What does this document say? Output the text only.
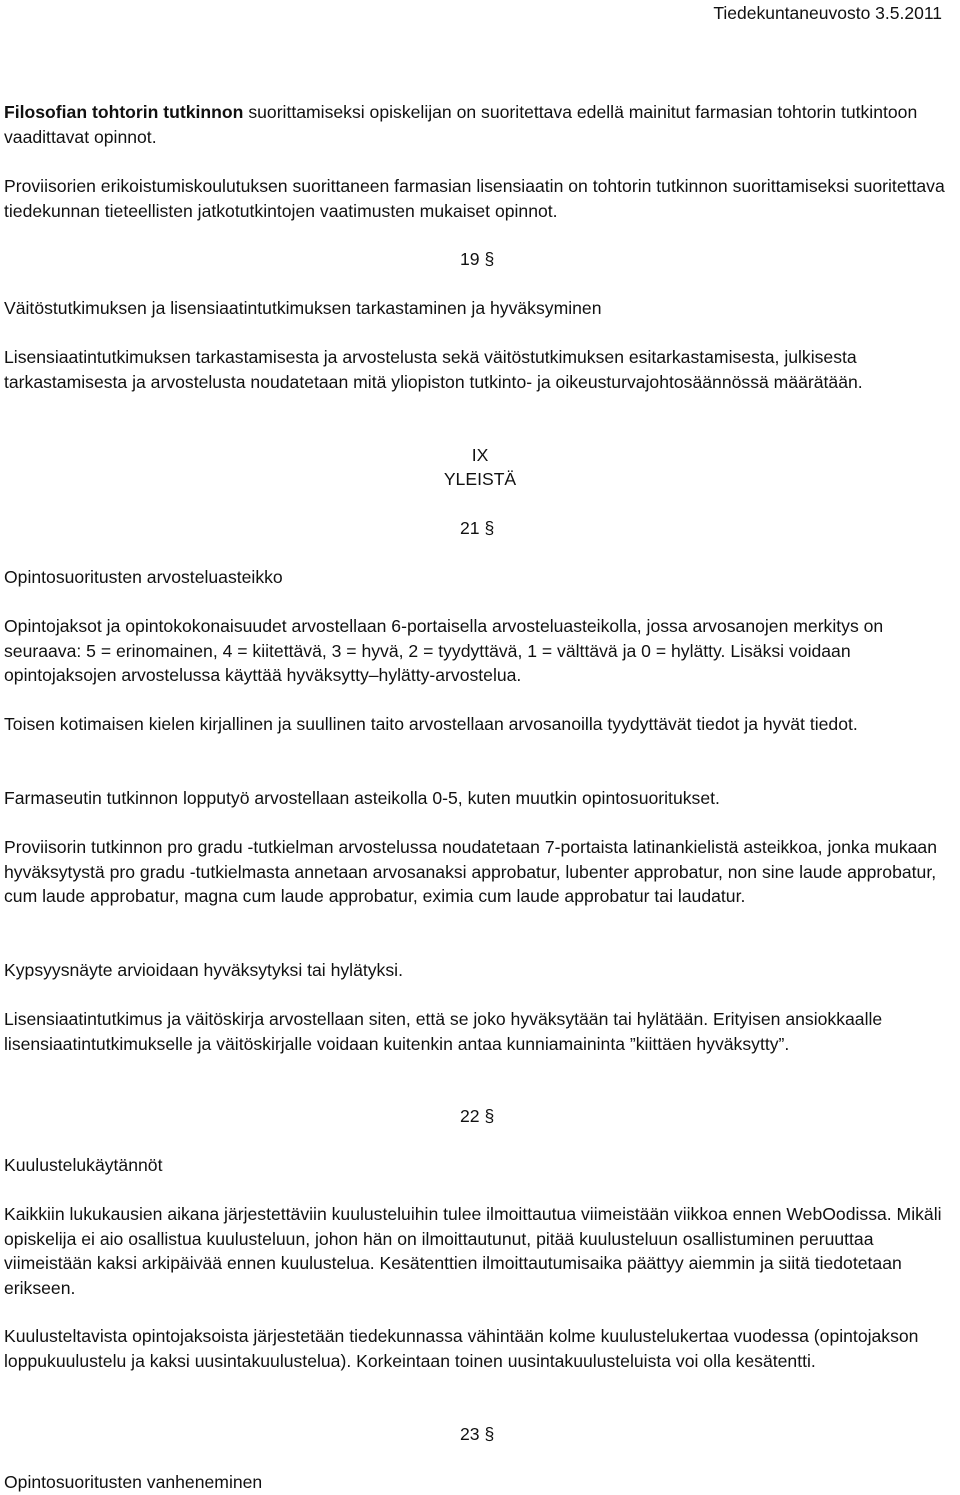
Tiedekuntaneuvosto 3.5.2011

Filosofian tohtorin tutkinnon suorittamiseksi opiskelijan on suoritettava edellä mainitut farmasian tohtorin tutkintoon vaadittavat opinnot.

Proviisorien erikoistumiskoulutuksen suorittaneen farmasian lisensiaatin on tohtorin tutkinnon suorittamiseksi suoritettava tiedekunnan tieteellisten jatkotutkintojen vaatimusten mukaiset opinnot.

19 §

Väitöstutkimuksen ja lisensiaatintutkimuksen tarkastaminen ja hyväksyminen

Lisensiaatintutkimuksen tarkastamisesta ja arvostelusta sekä väitöstutkimuksen esitarkastamisesta, julkisesta tarkastamisesta ja arvostelusta noudatetaan mitä yliopiston tutkinto- ja oikeusturvajohtosäännössä määrätään.

IX

YLEISTÄ

21 §

Opintosuoritusten arvosteluasteikko

Opintojaksot ja opintokokonaisuudet arvostellaan 6-portaisella arvosteluasteikolla, jossa arvosanojen merkitys on seuraava: 5 = erinomainen, 4 = kiitettävä, 3 = hyvä, 2 = tyydyttävä, 1 = välttävä ja 0 = hylätty. Lisäksi voidaan opintojaksojen arvostelussa käyttää hyväksytty–hylätty-arvostelua.

Toisen kotimaisen kielen kirjallinen ja suullinen taito arvostellaan arvosanoilla tyydyttävät tiedot ja hyvät tiedot.

Farmaseutin tutkinnon lopputyö arvostellaan asteikolla 0-5, kuten muutkin opintosuoritukset.

Proviisorin tutkinnon pro gradu -tutkielman arvostelussa noudatetaan 7-portaista latinankielistä asteikkoa, jonka mukaan hyväksytystä pro gradu -tutkielmasta annetaan arvosanaksi approbatur, lubenter approbatur, non sine laude approbatur, cum laude approbatur, magna cum laude approbatur, eximia cum laude approbatur tai laudatur.

Kypsyysnäyte arvioidaan hyväksytyksi tai hylätyksi.

Lisensiaatintutkimus ja väitöskirja arvostellaan siten, että se joko hyväksytään tai hylätään. Erityisen ansiokkaalle lisensiaatintutkimukselle ja väitöskirjalle voidaan kuitenkin antaa kunniamaininta ”kiittäen hyväksytty”.

22 §

Kuulustelukäytännöt

Kaikkiin lukukausien aikana järjestettäviin kuulusteluihin tulee ilmoittautua viimeistään viikkoa ennen WebOodissa. Mikäli opiskelija ei aio osallistua kuulusteluun, johon hän on ilmoittautunut, pitää kuulusteluun osallistuminen peruuttaa viimeistään kaksi arkipäivää ennen kuulustelua. Kesätenttien ilmoittautumisaika päättyy aiemmin ja siitä tiedotetaan erikseen.

Kuulusteltavista opintojaksoista järjestetään tiedekunnassa vähintään kolme kuulustelukertaa vuodessa (opintojakson loppukuulustelu ja kaksi uusintakuulustelua). Korkeintaan toinen uusintakuulusteluista voi olla kesätentti.

23 §

Opintosuoritusten vanheneminen
